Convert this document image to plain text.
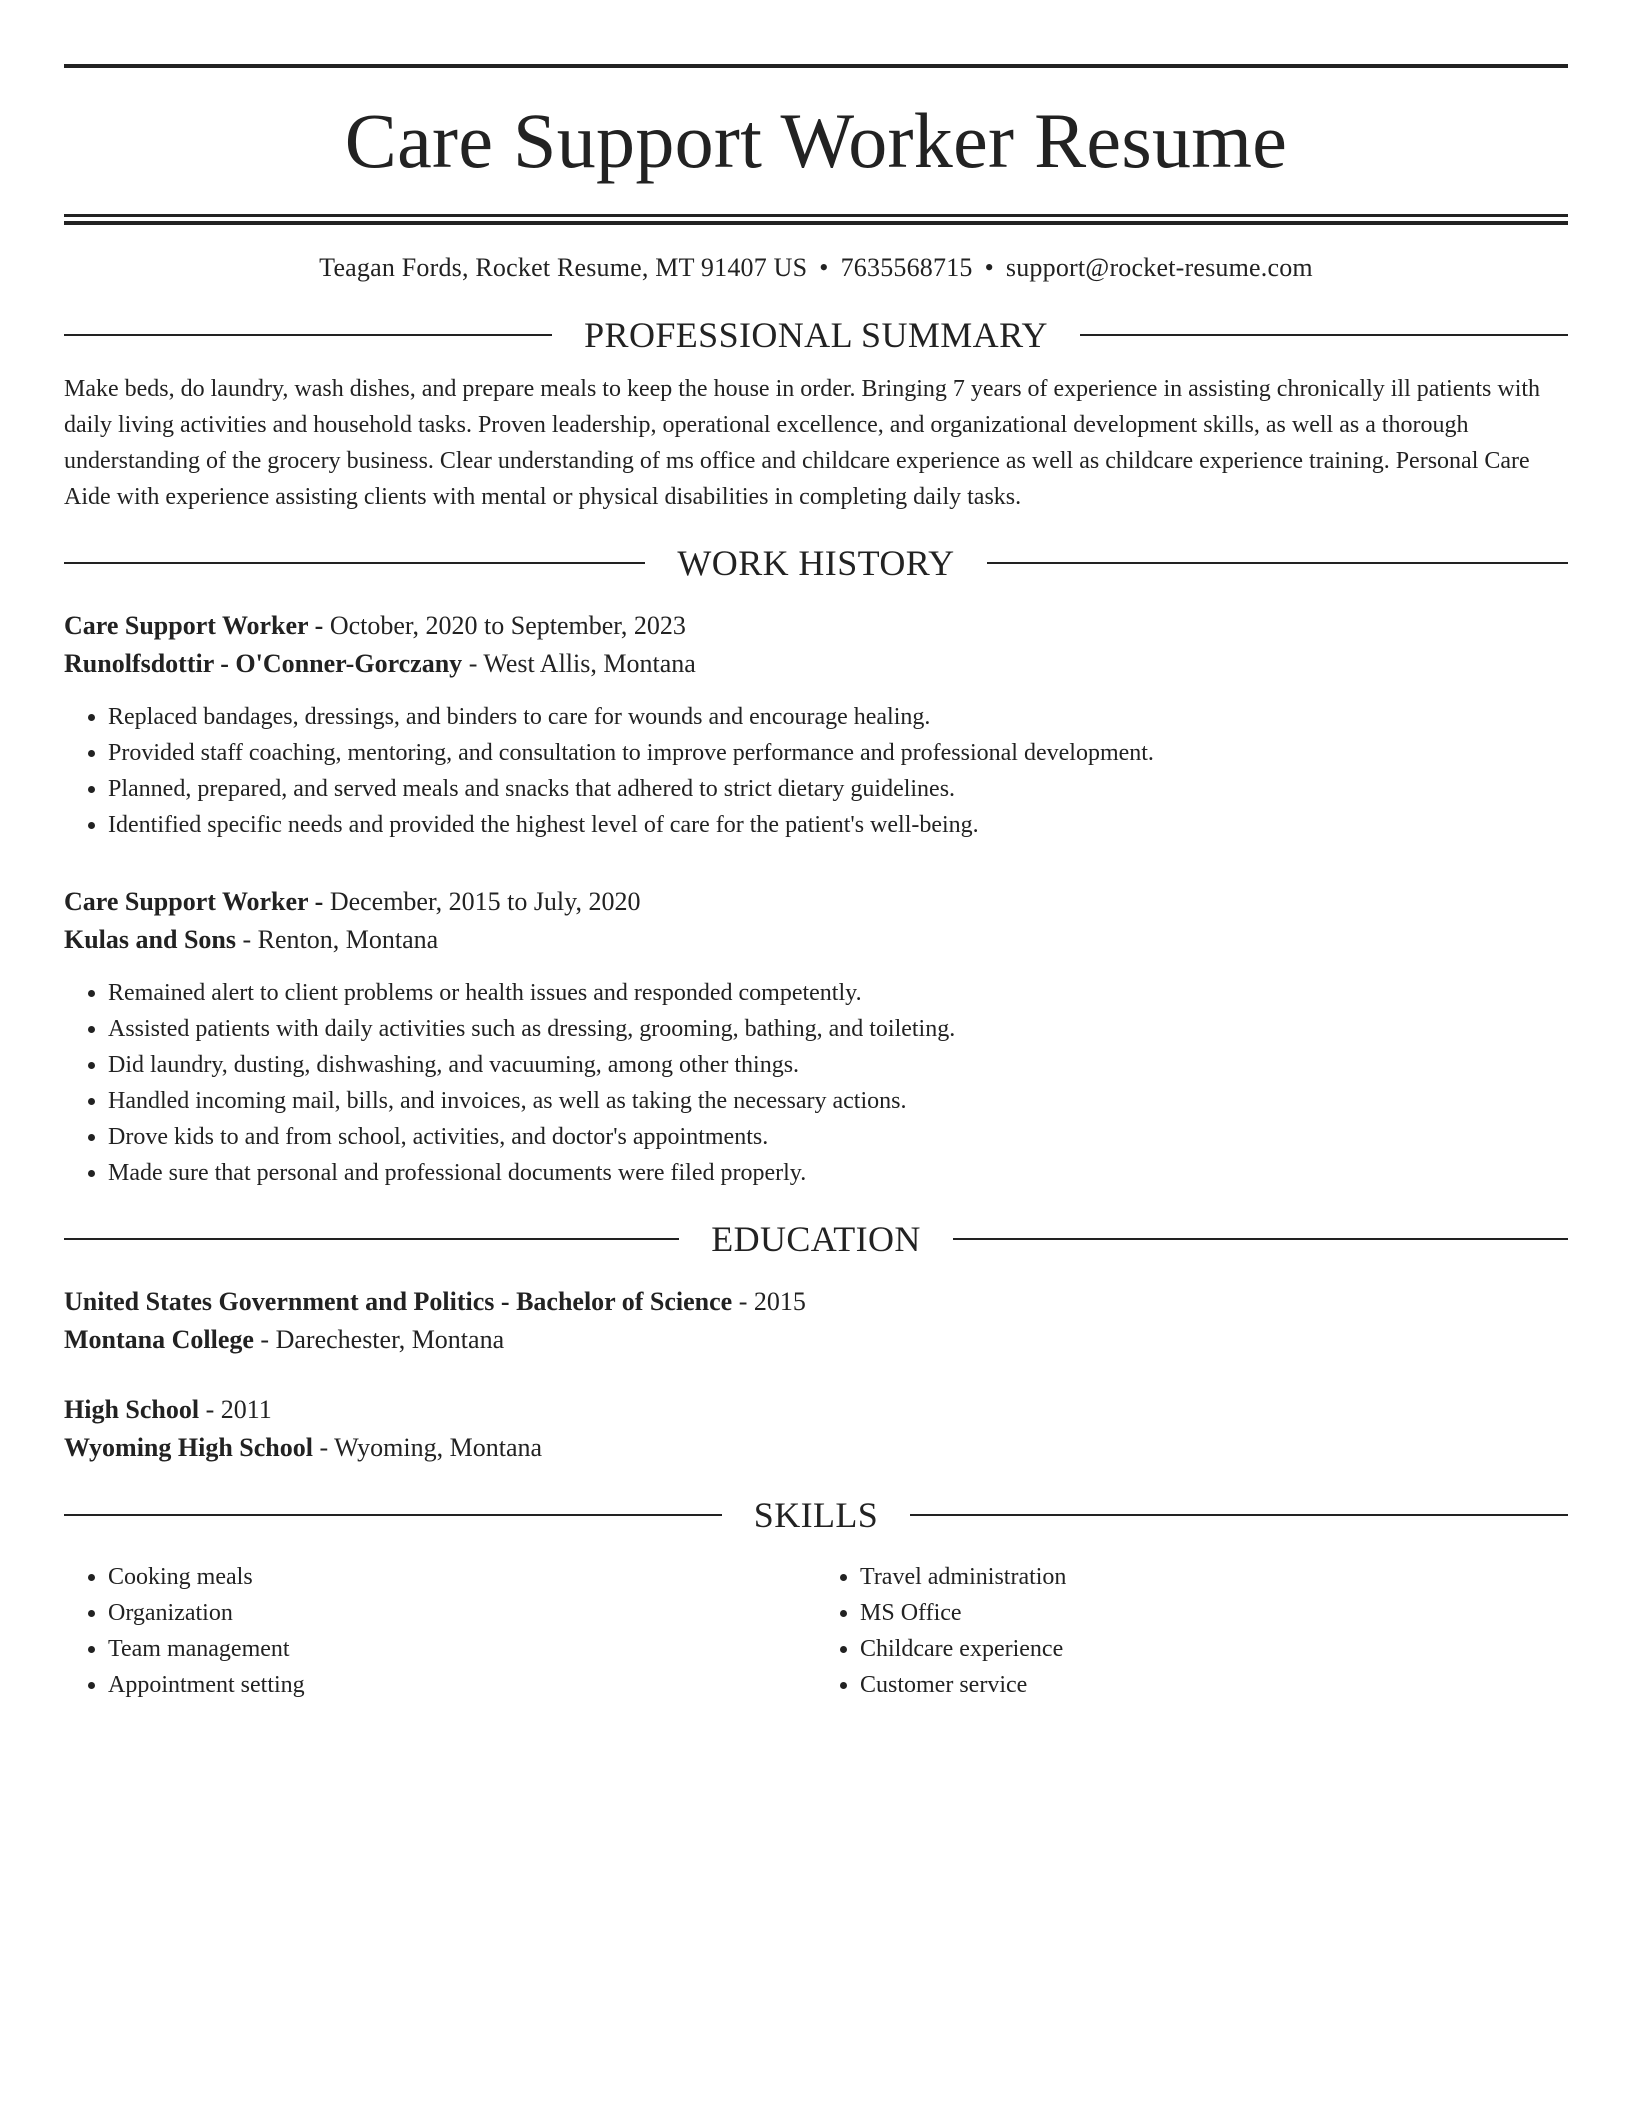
Care Support Worker Resume
Teagan Fords, Rocket Resume, MT 91407 US • 7635568715 • support@rocket-resume.com
PROFESSIONAL SUMMARY

Make beds, do laundry, wash dishes, and prepare meals to keep the house in order. Bringing 7 years of experience in assisting chronically ill patients with daily living activities and household tasks. Proven leadership, operational excellence, and organizational development skills, as well as a thorough understanding of the grocery business. Clear understanding of ms office and childcare experience as well as childcare experience training. Personal Care Aide with experience assisting clients with mental or physical disabilities in completing daily tasks.

WORK HISTORY
Care Support Worker - October, 2020 to September, 2023
Runolfsdottir - O'Conner-Gorczany - West Allis, Montana
• Replaced bandages, dressings, and binders to care for wounds and encourage healing.
• Provided staff coaching, mentoring, and consultation to improve performance and professional development.
• Planned, prepared, and served meals and snacks that adhered to strict dietary guidelines.
• Identified specific needs and provided the highest level of care for the patient's well-being.
Care Support Worker - December, 2015 to July, 2020
Kulas and Sons - Renton, Montana
• Remained alert to client problems or health issues and responded competently.
• Assisted patients with daily activities such as dressing, grooming, bathing, and toileting.
• Did laundry, dusting, dishwashing, and vacuuming, among other things.
• Handled incoming mail, bills, and invoices, as well as taking the necessary actions.
• Drove kids to and from school, activities, and doctor's appointments.
• Made sure that personal and professional documents were filed properly.
EDUCATION
United States Government and Politics - Bachelor of Science - 2015
Montana College - Darechester, Montana
High School - 2011
Wyoming High School - Wyoming, Montana
SKILLS
• Cooking meals
• Organization
• Team management
• Appointment setting
• Travel administration
• MS Office
• Childcare experience
• Customer service
